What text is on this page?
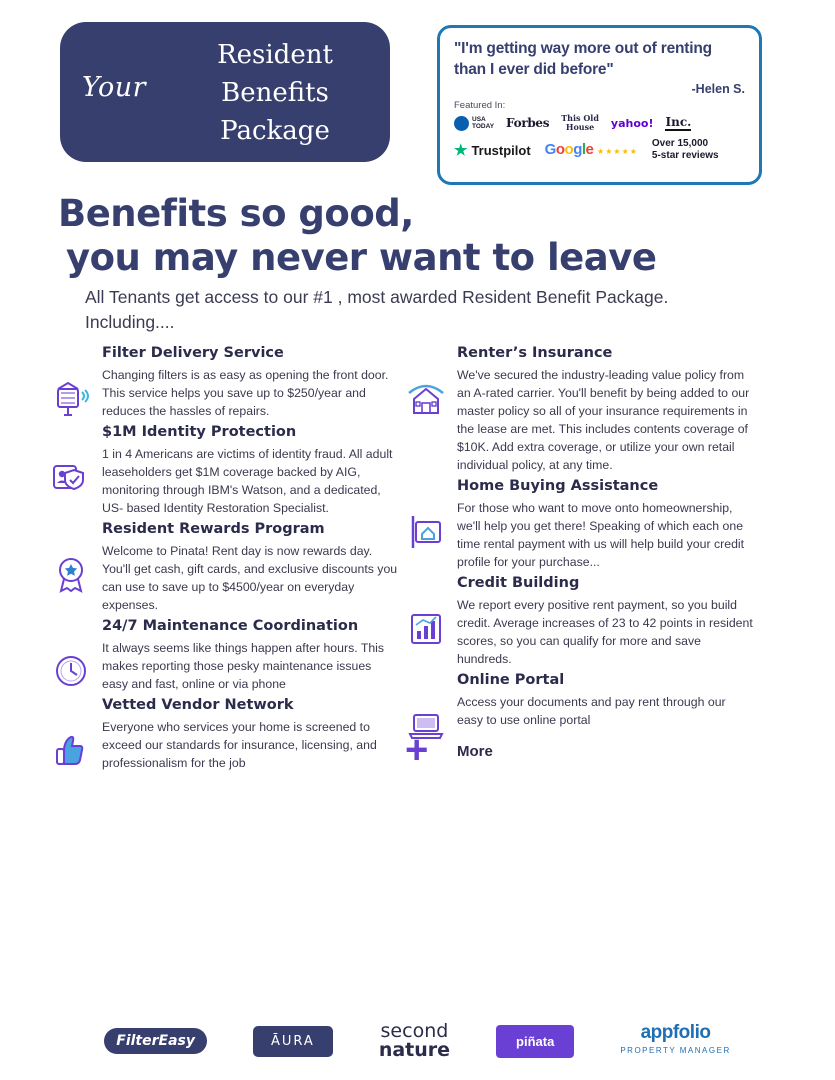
Your
Resident
Benefits
Package
"I'm getting way more out of renting than I ever did before"
-Helen S.
Featured In:
USA
TODAY Forbes This Old
House	yahoo! Inc.
★ Trustpilot Google ★★★★★
Over 15,000
5-star reviews
Benefits so good,
you may never want to leave
All Tenants get access to our #1 , most awarded Resident Benefit Package. Including....
Filter Delivery Service

Changing filters is as easy as opening the front door. This service helps you save up to $250/year and reduces the hassles of repairs.

$1M Identity Protection

1 in 4 Americans are victims of identity fraud. All adult leaseholders get $1M coverage backed by AIG, monitoring through IBM's Watson, and a dedicated, US- based Identity Restoration Specialist.

Resident Rewards Program

Welcome to Pinata! Rent day is now rewards day. You'll get cash, gift cards, and exclusive discounts you can use to save up to $4500/year on everyday expenses.

24/7 Maintenance Coordination

It always seems like things happen after hours. This makes reporting those pesky maintenance issues easy and fast, online or via phone

Vetted Vendor Network

Everyone who services your home is screened to exceed our standards for insurance, licensing, and professionalism for the job

Renter’s Insurance

We've secured the industry-leading value policy from an A-rated carrier. You'll benefit by being added to our master policy so all of your insurance requirements in the lease are met. This includes contents coverage of $10K. Add extra coverage, or utilize your own retail individual policy, at any time.

Home Buying Assistance

For those who want to move onto homeownership, we'll help you get there! Speaking of which each one time rental payment with us will help build your credit profile for your purchase...

Credit Building

We report every positive rent payment, so you build credit. Average increases of 23 to 42 points in resident scores, so you can qualify for more and save hundreds.

Online Portal

Access your documents and pay rent through our easy to use online portal

+ More
FilterEasy	ĀURA	second
nature	piñata	appfolio
PROPERTY MANAGER
